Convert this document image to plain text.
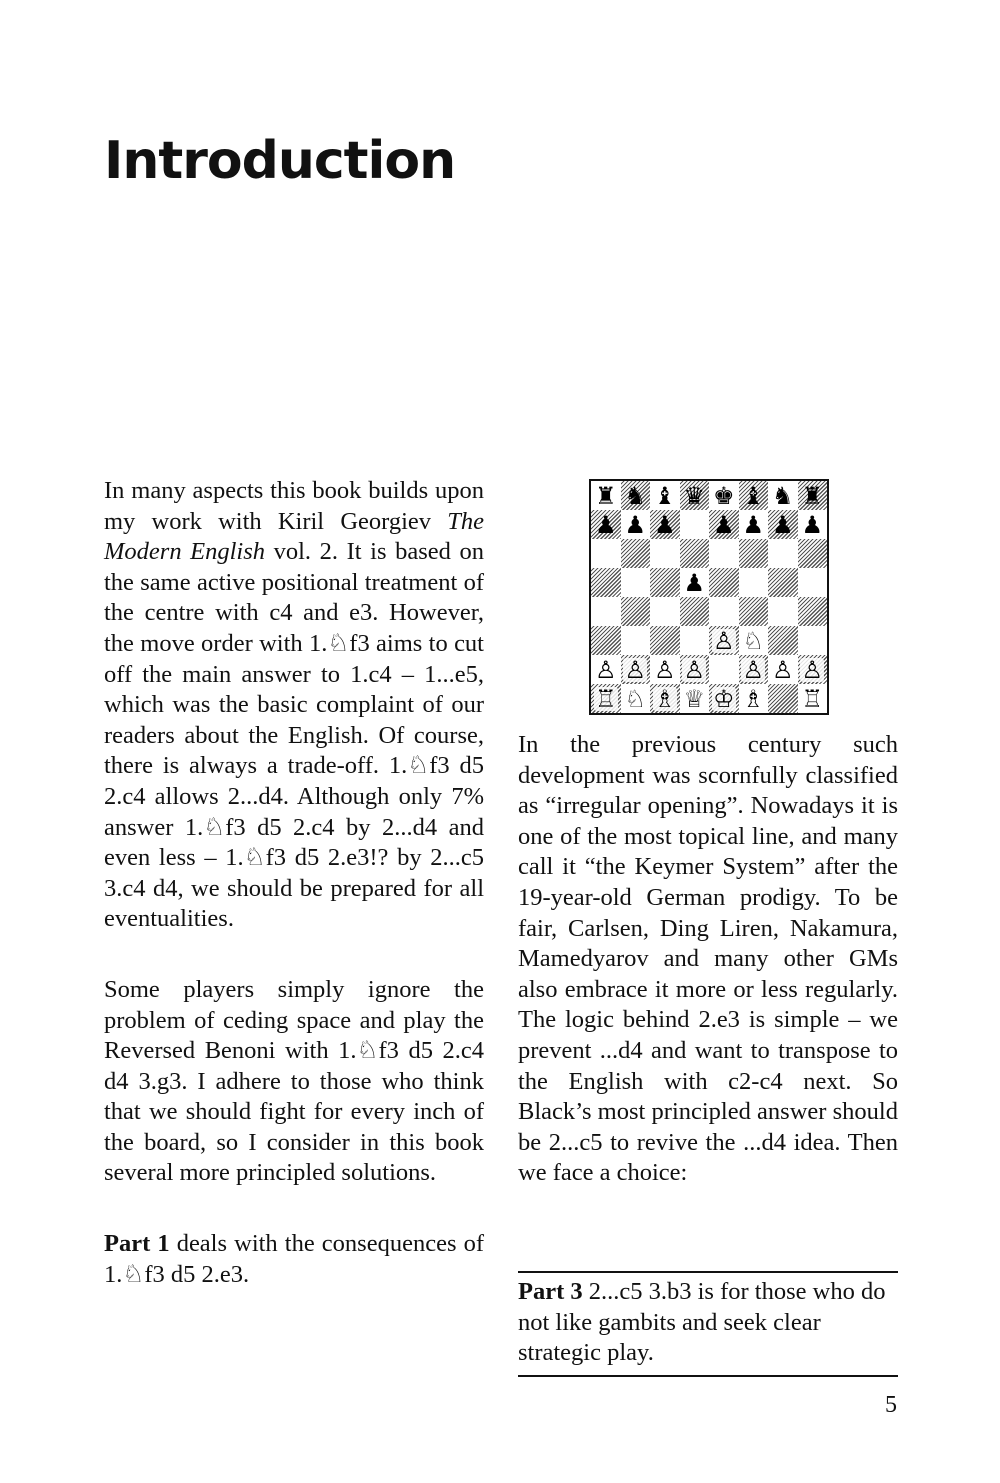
Introduction

In many aspects this book builds upon my work with Kiril Georgiev The Modern English vol. 2. It is based on the same active positional treatment of the centre with c4 and e3. However, the move order with 1.♘f3 aims to cut off the main answer to 1.c4 – 1...e5, which was the basic complaint of our readers about the English. Of course, there is always a trade-off. 1.♘f3 d5 2.c4 allows 2...d4. Although only 7% answer 1.♘f3 d5 2.c4 by 2...d4 and even less – 1.♘f3 d5 2.e3!? by 2...c5 3.c4 d4, we should be prepared for all eventualities.

Some players simply ignore the problem of ceding space and play the Reversed Benoni with 1.♘f3 d5 2.c4 d4 3.g3. I adhere to those who think that we should fight for every inch of the board, so I consider in this book several more principled solutions.

Part 1 deals with the consequences of 1.♘f3 d5 2.e3.

♜ ♞ ♝ ♛ ♚ ♝ ♞ ♜
♟ ♟ ♟ ♟ ♟ ♟ ♟
♟
♙ ♘
♙ ♙ ♙ ♙ ♙ ♙ ♙
♖ ♘ ♗ ♕ ♔ ♗ ♖
In the previous century such development was scornfully classified as “irregular opening”. Nowadays it is one of the most topical line, and many call it “the Keymer System” after the 19-year-old German prodigy. To be fair, Carlsen, Ding Liren, Nakamura, Mamedyarov and many other GMs also embrace it more or less regularly. The logic behind 2.e3 is simple – we prevent ...d4 and want to transpose to the English with c2-c4 next. So Black’s most principled answer should be 2...c5 to revive the ...d4 idea. Then we face a choice:
Part 3 2...c5 3.b3 is for those who do not like gambits and seek clear strategic play.
5
